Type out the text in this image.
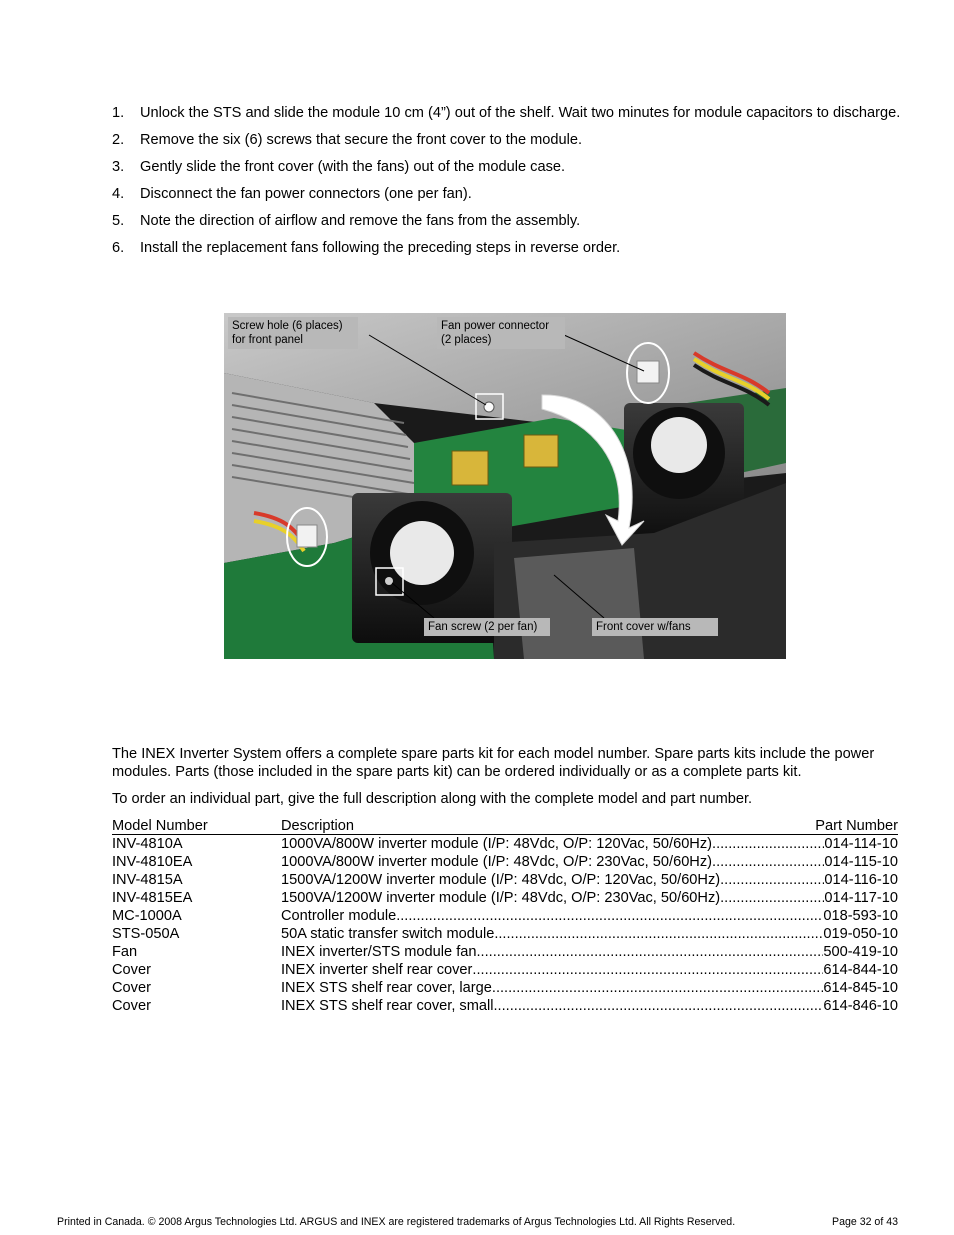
1. Unlock the STS and slide the module 10 cm (4”) out of the shelf. Wait two minutes for module capacitors to discharge.
2. Remove the six (6) screws that secure the front cover to the module.
3. Gently slide the front cover (with the fans) out of the module case.
4. Disconnect the fan power connectors (one per fan).
5. Note the direction of airflow and remove the fans from the assembly.
6. Install the replacement fans following the preceding steps in reverse order.
Screw hole (6 places)
for front panel
Fan power connector
(2 places)
Fan screw (2 per fan)	Front cover w/fans

The INEX Inverter System offers a complete spare parts kit for each model number. Spare parts kits include the power modules. Parts (those included in the spare parts kit) can be ordered individually or as a complete parts kit.

To order an individual part, give the full description along with the complete model and part number.

Model Number	Description	Part Number
INV-4810A	1000VA/800W inverter module (I/P: 48Vdc, O/P: 120Vac, 50/60Hz) .....	014-114-10
INV-4810EA	1000VA/800W inverter module (I/P: 48Vdc, O/P: 230Vac, 50/60Hz) .....	014-115-10
INV-4815A	1500VA/1200W inverter module (I/P: 48Vdc, O/P: 120Vac, 50/60Hz) .....	014-116-10
INV-4815EA	1500VA/1200W inverter module (I/P: 48Vdc, O/P: 230Vac, 50/60Hz) .....	014-117-10
MC-1000A	Controller module .....	018-593-10
STS-050A	50A static transfer switch module .....	019-050-10
Fan	INEX inverter/STS module fan .....	500-419-10
Cover	INEX inverter shelf rear cover .....	614-844-10
Cover	INEX STS shelf rear cover, large .....	614-845-10
Cover	INEX STS shelf rear cover, small .....	614-846-10
Printed in Canada. © 2008 Argus Technologies Ltd. ARGUS and INEX are registered trademarks of Argus Technologies Ltd. All Rights Reserved.	Page 32 of 43
